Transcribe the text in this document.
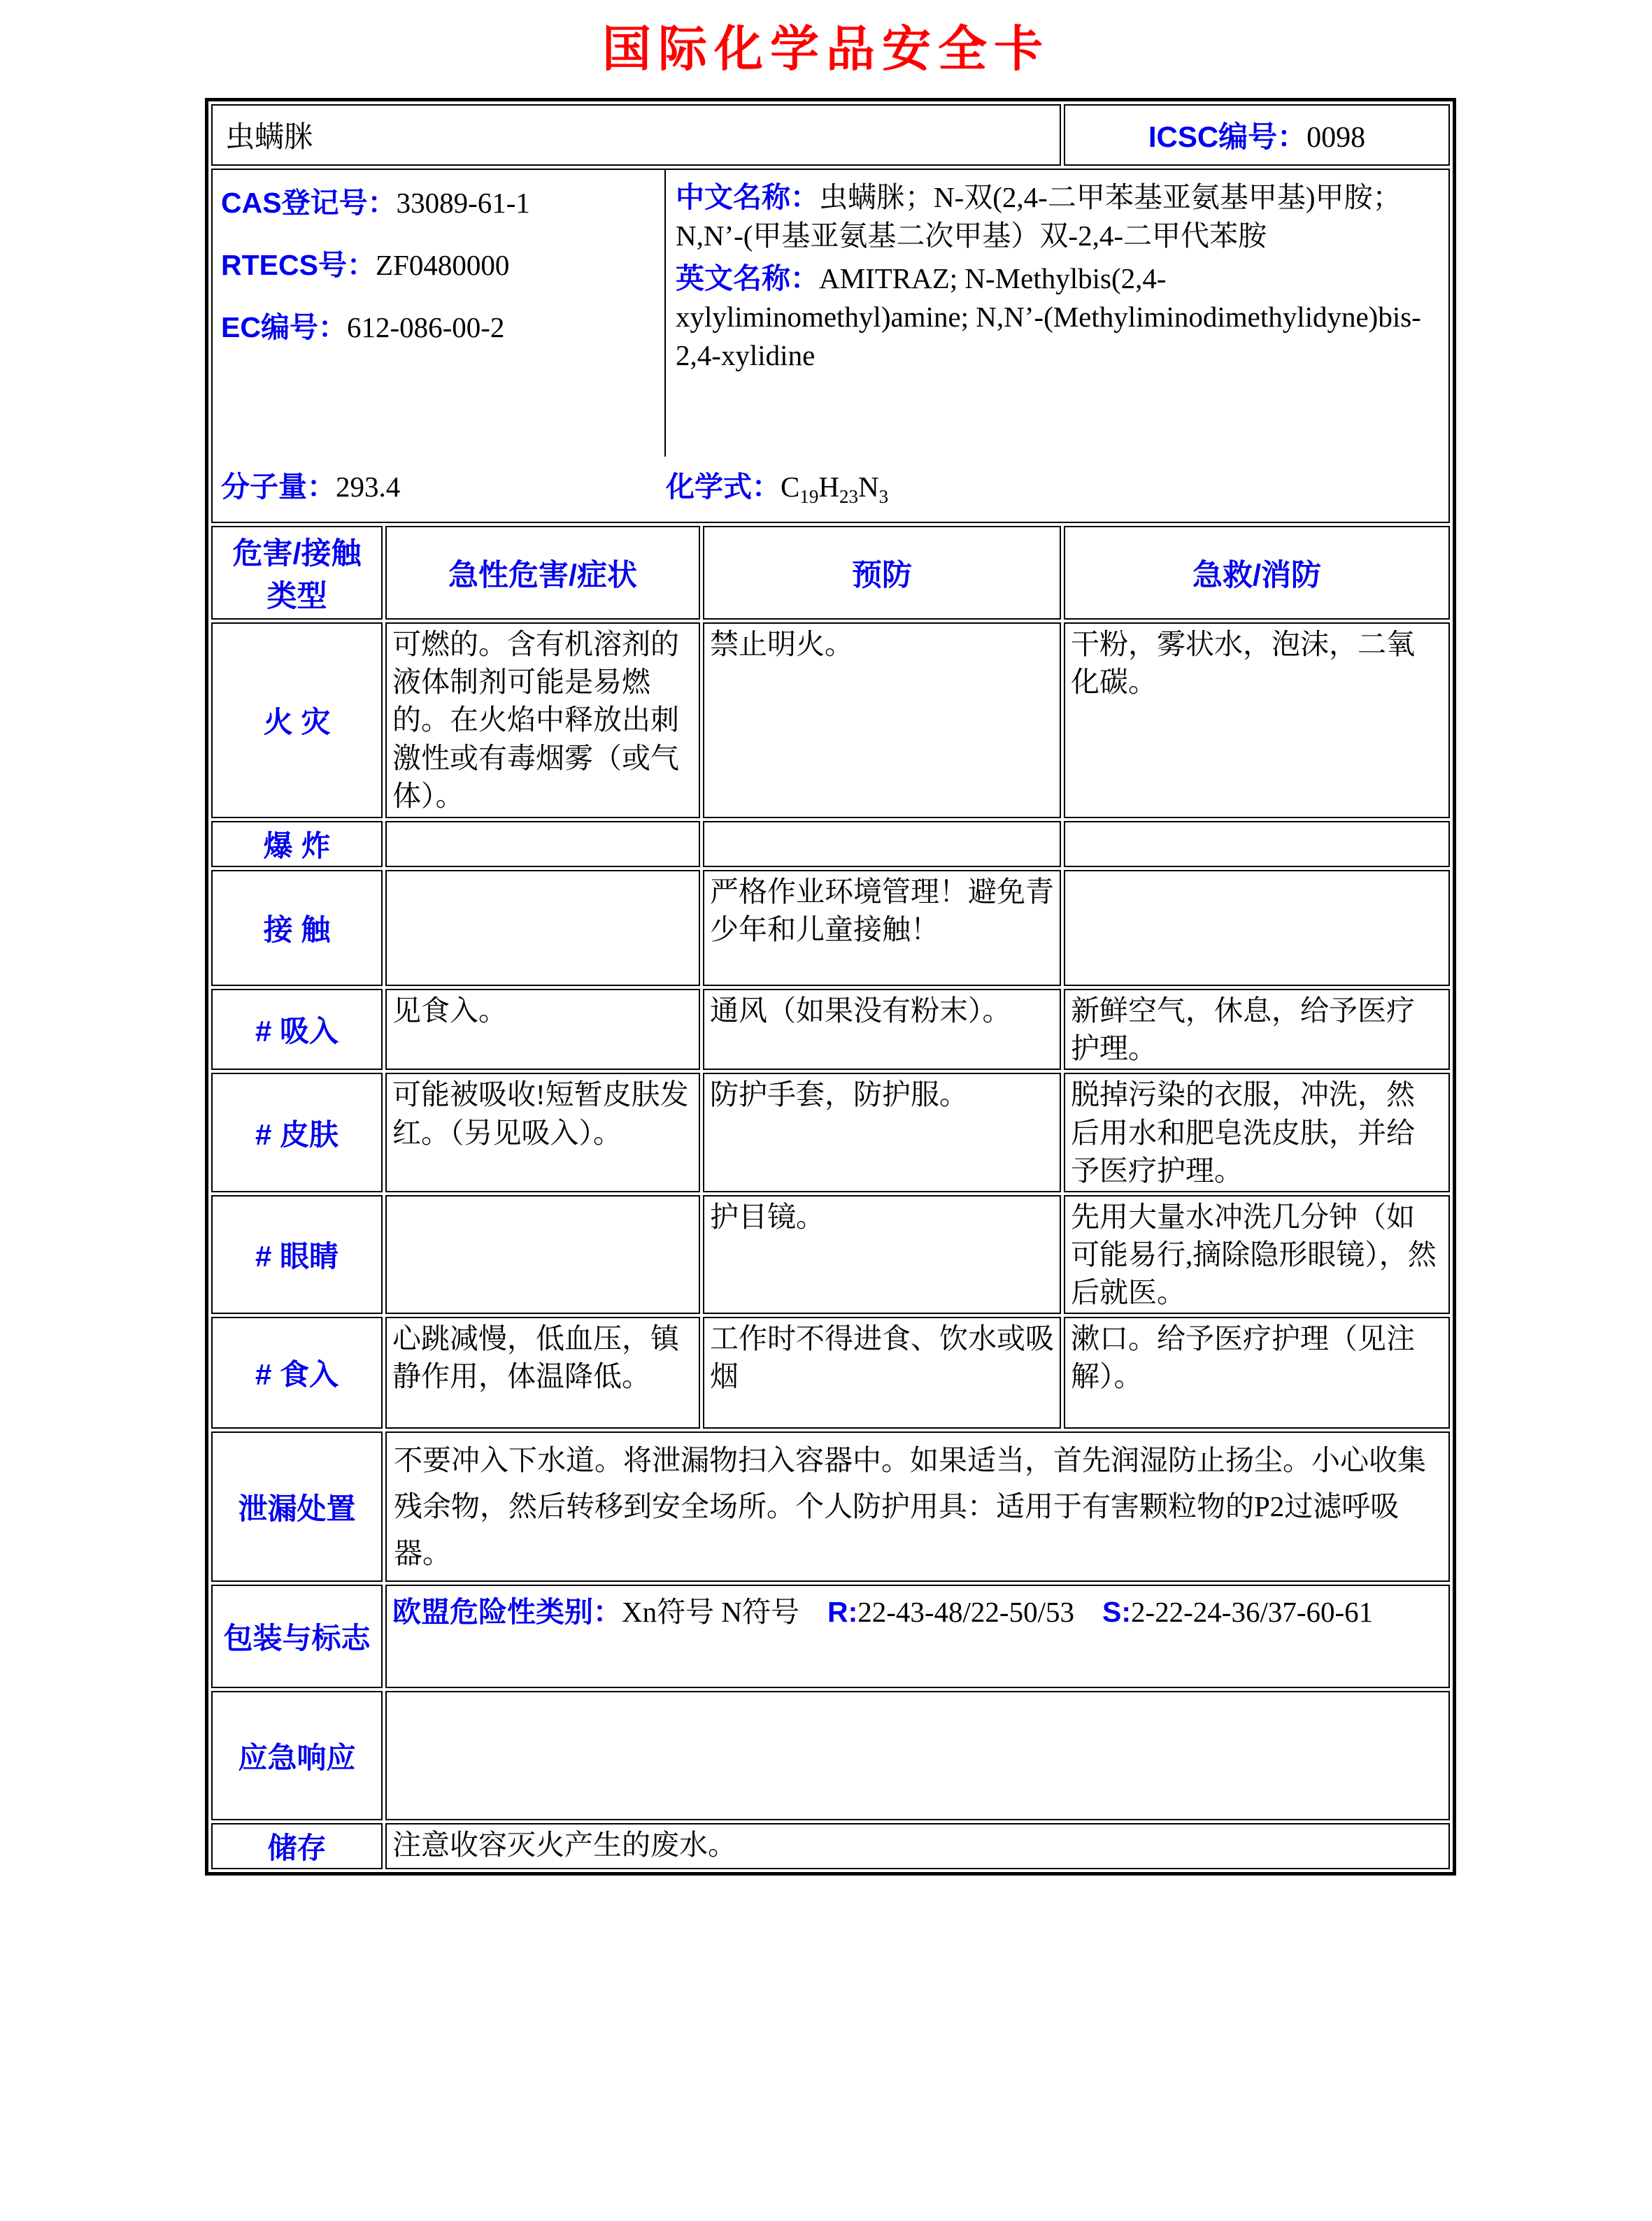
国际化学品安全卡
虫螨脒			ICSC编号：0098

CAS登记号：33089-61-1
RTECS号：ZF0480000
EC编号：612-086-00-2
中文名称：虫螨脒；N-双(2,4-二甲苯基亚氨基甲基)甲胺；N,N’-(甲基亚氨基二次甲基）双-2,4-二甲代苯胺
英文名称：AMITRAZ; N-Methylbis(2,4-xylyliminomethyl)amine; N,N’-(Methyliminodimethylidyne)bis-2,4-xylidine
分子量：293.4	化学式：$C_{19}H_{23}N_3$

危害/接触 类型	急性危害/症状	预防	急救/消防
火 灾	可燃的。含有机溶剂的液体制剂可能是易燃的。在火焰中释放出刺激性或有毒烟雾（或气体）。	禁止明火。	干粉，雾状水，泡沫，二氧化碳。
爆 炸			
接 触		严格作业环境管理！避免青少年和儿童接触！	
# 吸入	见食入。	通风（如果没有粉末）。	新鲜空气，休息，给予医疗护理。
# 皮肤	可能被吸收!短暂皮肤发红。（另见吸入）。	防护手套，防护服。	脱掉污染的衣服，冲洗，然后用水和肥皂洗皮肤，并给予医疗护理。
# 眼睛		护目镜。	先用大量水冲洗几分钟（如可能易行,摘除隐形眼镜），然后就医。
# 食入	心跳减慢，低血压，镇静作用，体温降低。	工作时不得进食、饮水或吸烟	漱口。给予医疗护理（见注解）。
泄漏处置	不要冲入下水道。将泄漏物扫入容器中。如果适当，首先润湿防止扬尘。小心收集残余物，然后转移到安全场所。个人防护用具：适用于有害颗粒物的P2过滤呼吸器。		
包装与标志	欧盟危险性类别：Xn符号 N符号 R:22-43-48/22-50/53 S:2-22-24-36/37-60-61		
应急响应			
储存	注意收容灭火产生的废水。		
